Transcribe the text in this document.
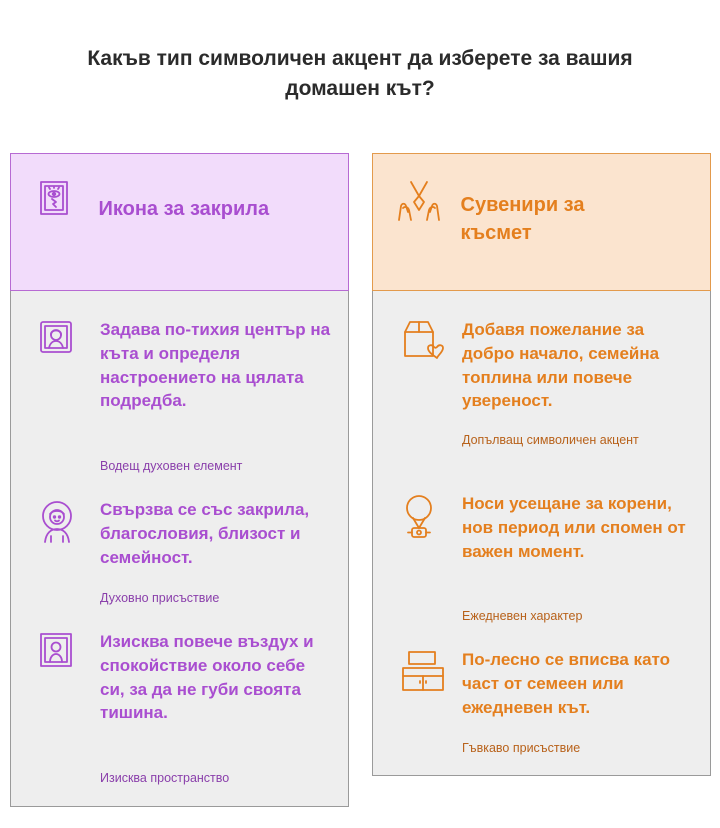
Какъв тип символичен акцент да изберете за вашия домашен кът?
Икона за закрила
Задава по-тихия център на кътa и определя настроението на цялата подредба.
Водещ духовен елемент
Свързва се със закрила, благословия, близост и семейност.
Духовно присъствие
Изисква повече въздух и спокойствие около себе си, за да не губи своята тишина.
Изисква пространство
Сувенири за късмет
Добавя пожелание за добро начало, семейна топлина или повече увереност.
Допълващ символичен акцент
Носи усещане за корени, нов период или спомен от важен момент.
Ежедневен характер
По-лесно се вписва като част от семеен или ежедневен кът.
Гъвкаво присъствие
